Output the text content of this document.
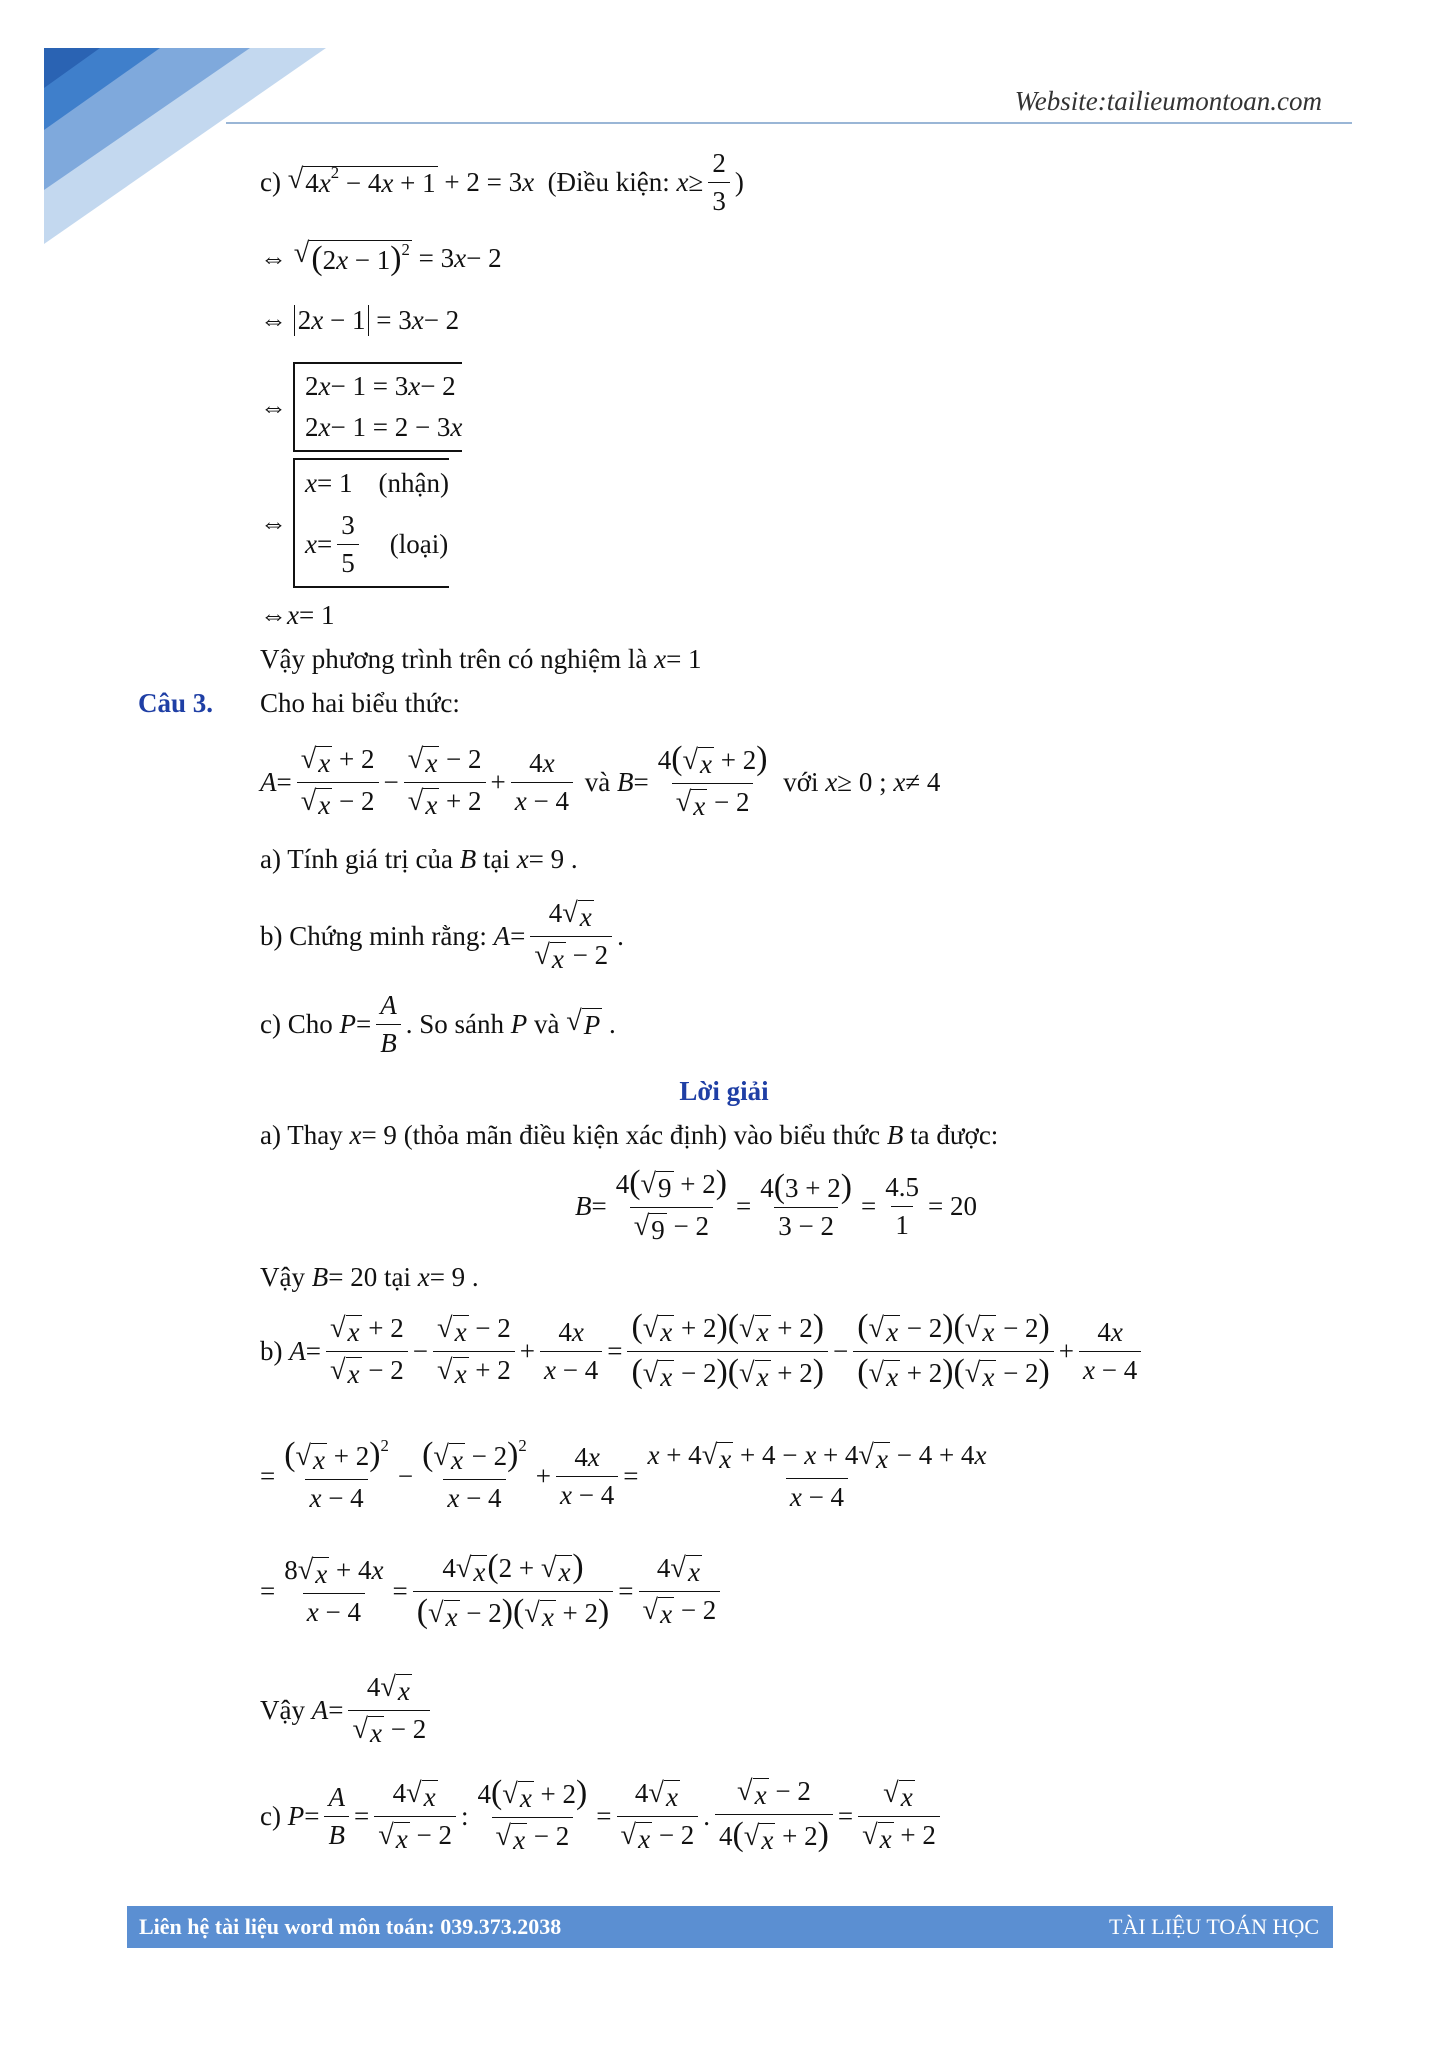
Website:tailieumontoan.com
c)
√ $4x^2 - 4x + 1 + 2 = 3$ x
(Điều kiện:
$x \ge \frac{2}{3}$ )
⇔ √ $(2x - 1)^2 = 3$ x − 2
⇔ 2x − 1 = 3 x − 2
⇔
2 x − 1 = 3 x − 2
2 x − 1 = 2 − 3 x
⇔
x = 1 (nhận)
$x = \frac{3}{5}$ (loại)
⇔ x = 1
Vậy phương trình trên có nghiệm là
x = 1
Câu 3. Cho hai biểu thức:
$A = \frac{√ x + 2}{√ x - 2} - \frac{√ x - 2}{√ x + 2} + \frac{4x}{x - 4}$
và
$B = \frac{4( √ x + 2)}{√ x - 2}$
với
x ≥ 0 ; x ≠ 4
a) Tính giá trị của
B
tại
x = 9 .
b) Chứng minh rằng:
$A = \frac{4 √ x}{√ x - 2}$ .
c) Cho
$P = \frac{A}{B}$ . So sánh
P
và
√ P .
Lời giải
a) Thay
x = 9 (thỏa mãn điều kiện xác định) vào biểu thức
B
ta được:
$B = \frac{4( √ 9 + 2)}{√ 9 - 2} = \frac{4(3 + 2)}{3 - 2} = \frac{4.5}{1} = 20$
Vậy
B = 20 tại
x = 9 .
b)
$A = \frac{√ x + 2}{√ x - 2} - \frac{√ x - 2}{√ x + 2} + \frac{4x}{x - 4} = \frac{( √ x + 2)( √ x + 2)}{( √ x - 2)( √ x + 2)} - \frac{( √ x - 2)( √ x - 2)}{( √ x + 2)( √ x - 2)} + \frac{4x}{x - 4}$
= $\frac{( √ x + 2)^2}{x - 4} - \frac{( √ x - 2)^2}{x - 4} + \frac{4x}{x - 4} = \frac{x + 4 √ x + 4 - x + 4 √ x - 4 + 4x}{x - 4}$
= $\frac{8 √ x + 4x}{x - 4} = \frac{4 √ x (2 + √ x )}{( √ x - 2)( √ x + 2)} = \frac{4 √ x}{√ x - 2}$
Vậy
$A = \frac{4 √ x}{√ x - 2}$
c)
$P = \frac{A}{B} = \frac{4 √ x}{√ x - 2}$ : $\frac{4( √ x + 2)}{√ x - 2} = \frac{4 √ x}{√ x - 2}$ . $\frac{√ x - 2}{4( √ x + 2)} = \frac{√ x}{√ x + 2}$
Liên hệ tài liệu word môn toán: 039.373.2038	TÀI LIỆU TOÁN HỌC
